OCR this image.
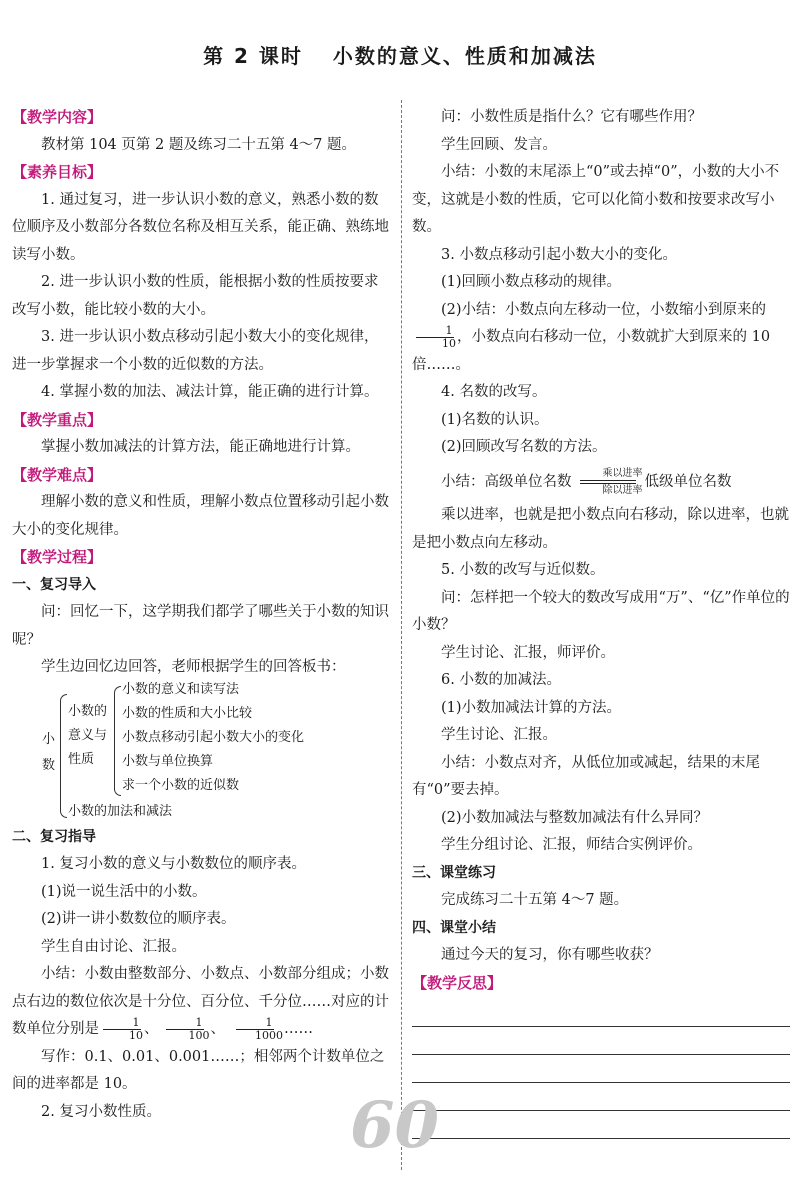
第 2 课时 小数的意义、性质和加减法

【教学内容】

教材第 104 页第 2 题及练习二十五第 4～7 题。

【素养目标】

1. 通过复习，进一步认识小数的意义，熟悉小数的数位顺序及小数部分各数位名称及相互关系，能正确、熟练地读写小数。

2. 进一步认识小数的性质，能根据小数的性质按要求改写小数，能比较小数的大小。

3. 进一步认识小数点移动引起小数大小的变化规律，进一步掌握求一个小数的近似数的方法。

4. 掌握小数的加法、减法计算，能正确的进行计算。

【教学重点】

掌握小数加减法的计算方法，能正确地进行计算。

【教学难点】

理解小数的意义和性质，理解小数点位置移动引起小数大小的变化规律。

【教学过程】

一、复习导入

问：回忆一下，这学期我们都学了哪些关于小数的知识呢？

学生边回忆边回答，老师根据学生的回答板书：

小
数
小数的
意义与
性质
小数的意义和读写法
小数的性质和大小比较
小数点移动引起小数大小的变化
小数与单位换算
求一个小数的近似数
小数的加法和减法

二、复习指导

1. 复习小数的意义与小数数位的顺序表。

(1)说一说生活中的小数。

(2)讲一讲小数数位的顺序表。

学生自由讨论、汇报。

小结：小数由整数部分、小数点、小数部分组成；小数点右边的数位依次是十分位、百分位、千分位……对应的计数单位分别是 $\frac{1}{10}$ 、 $\frac{1}{100}$ 、 $\frac{1}{1000}$ ……

写作：0.1、0.01、0.001……；相邻两个计数单位之间的进率都是 10。

2. 复习小数性质。

问：小数性质是指什么？它有哪些作用？

学生回顾、发言。

小结：小数的末尾添上“0”或去掉“0”，小数的大小不变，这就是小数的性质，它可以化简小数和按要求改写小数。

3. 小数点移动引起小数大小的变化。

(1)回顾小数点移动的规律。

(2)小结：小数点向左移动一位，小数缩小到原来的
$\frac{1}{10}$ ，小数点向右移动一位，小数就扩大到原来的 10 倍……。

4. 名数的改写。

(1)名数的认识。

(2)回顾改写名数的方法。

小结：高级单位名数
乘以进率
除以进率
低级单位名数

乘以进率，也就是把小数点向右移动，除以进率，也就是把小数点向左移动。

5. 小数的改写与近似数。

问：怎样把一个较大的数改写成用“万”、“亿”作单位的小数？

学生讨论、汇报，师评价。

6. 小数的加减法。

(1)小数加减法计算的方法。

学生讨论、汇报。

小结：小数点对齐，从低位加或减起，结果的末尾有“0”要去掉。

(2)小数加减法与整数加减法有什么异同？

学生分组讨论、汇报，师结合实例评价。

三、课堂练习

完成练习二十五第 4～7 题。

四、课堂小结

通过今天的复习，你有哪些收获？

【教学反思】

60
